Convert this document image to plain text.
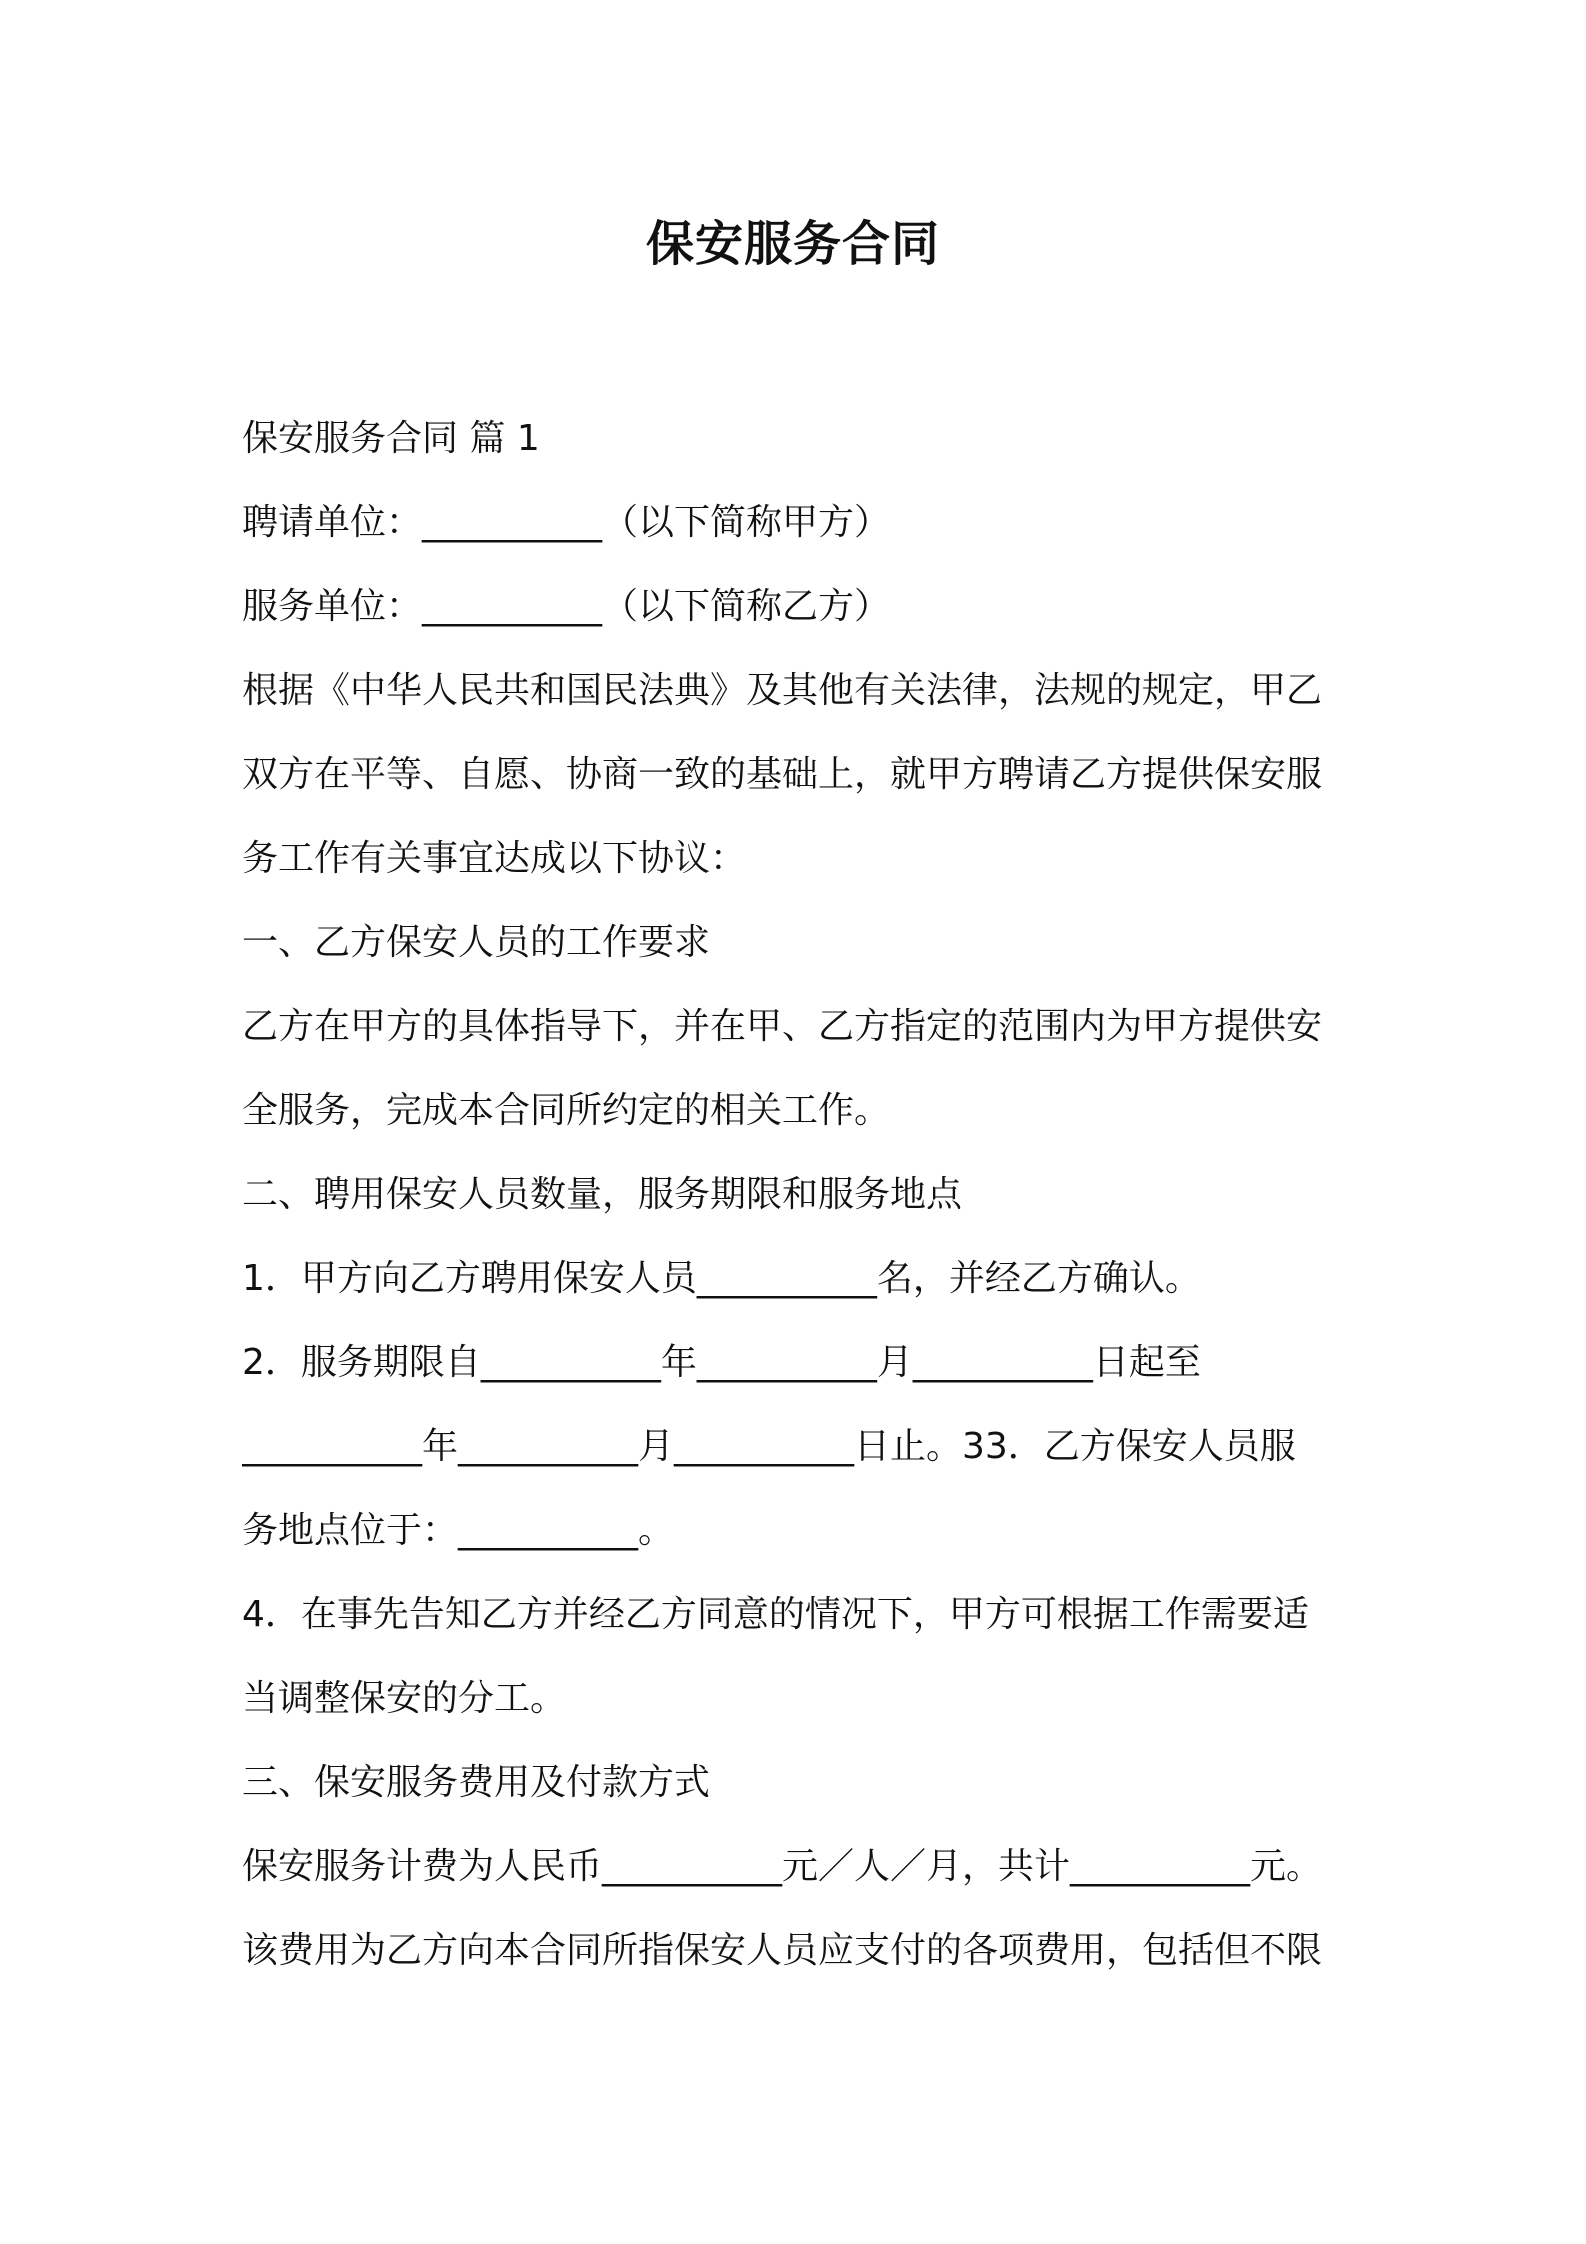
保安服务合同
保安服务合同 篇 1
聘请单位：__________（以下简称甲方）
服务单位：__________（以下简称乙方）
根据《中华人民共和国民法典》及其他有关法律，法规的规定，甲乙
双方在平等、自愿、协商一致的基础上，就甲方聘请乙方提供保安服
务工作有关事宜达成以下协议：
一、乙方保安人员的工作要求
乙方在甲方的具体指导下，并在甲、乙方指定的范围内为甲方提供安
全服务，完成本合同所约定的相关工作。
二、聘用保安人员数量，服务期限和服务地点
1．甲方向乙方聘用保安人员__________名，并经乙方确认。
2．服务期限自__________年__________月__________日起至
__________年__________月__________日止。33．乙方保安人员服
务地点位于：__________。
4．在事先告知乙方并经乙方同意的情况下，甲方可根据工作需要适
当调整保安的分工。
三、保安服务费用及付款方式
保安服务计费为人民币__________元／人／月，共计__________元。
该费用为乙方向本合同所指保安人员应支付的各项费用，包括但不限
